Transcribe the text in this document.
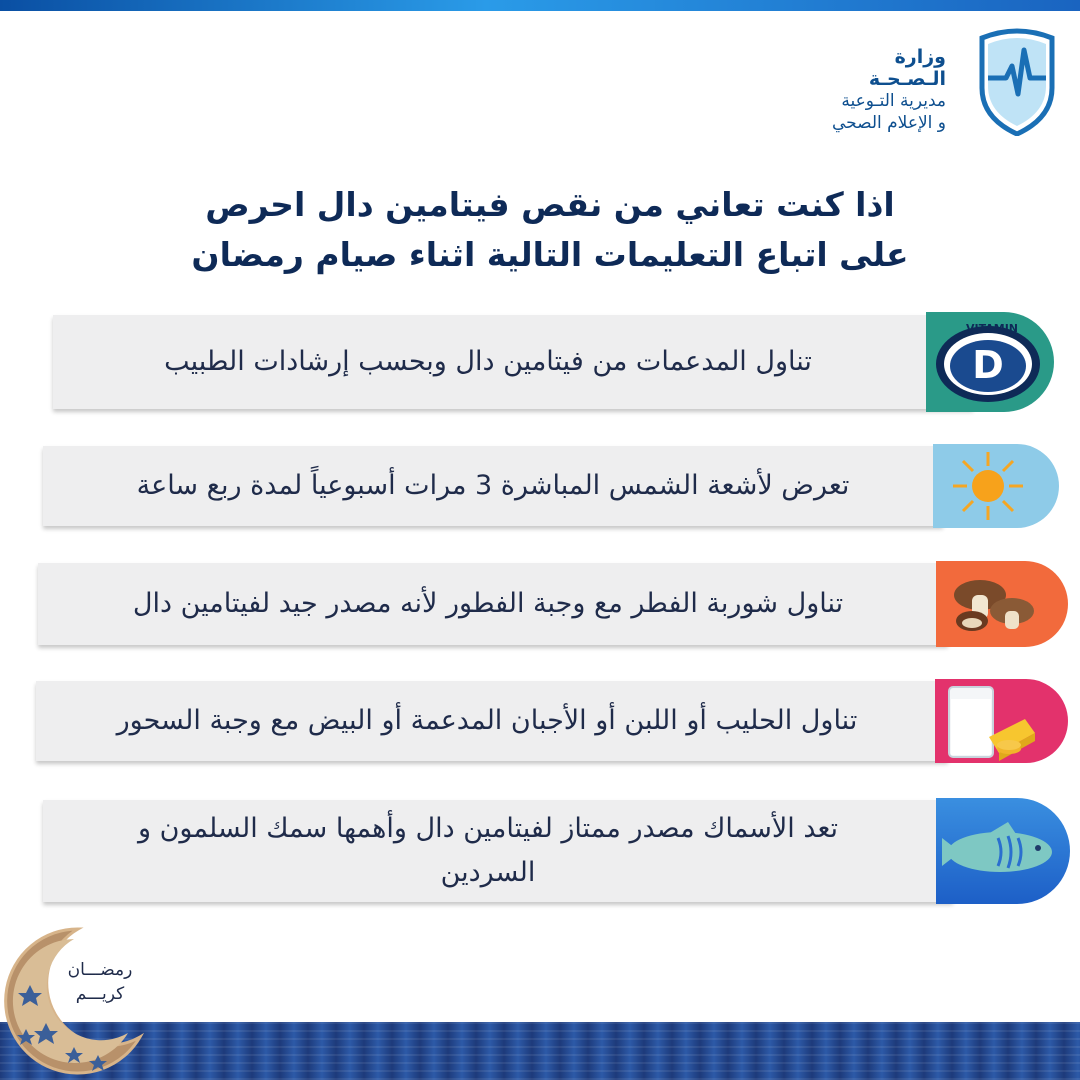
وزارة الـصـحـة
مديرية التـوعية
و الإعلام الصحي
اذا كنت تعاني من نقص فيتامين دال احرص
على اتباع التعليمات التالية اثناء صيام رمضان
تناول المدعمات من فيتامين دال وبحسب إرشادات الطبيب
VITAMIN
D
تعرض لأشعة الشمس المباشرة 3 مرات أسبوعياً لمدة ربع ساعة
تناول شوربة الفطر مع وجبة الفطور لأنه مصدر جيد لفيتامين دال
تناول الحليب أو اللبن أو الأجبان المدعمة أو البيض مع وجبة السحور
تعد الأسماك مصدر ممتاز لفيتامين دال وأهمها سمك السلمون و السردين
رمضـــان
كريـــم
